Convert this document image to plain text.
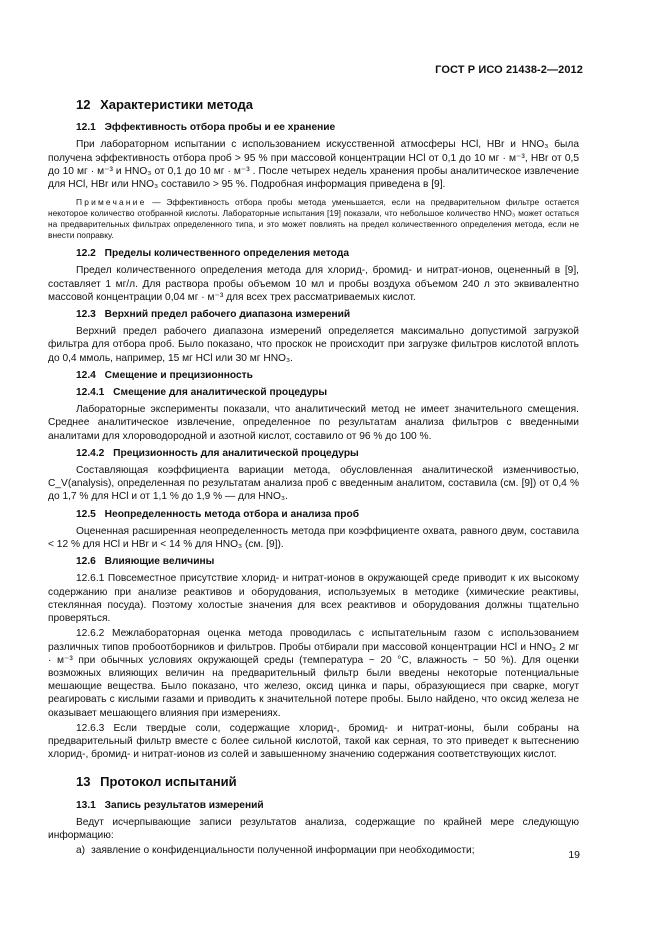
ГОСТ Р ИСО 21438-2—2012
12 Характеристики метода
12.1 Эффективность отбора пробы и ее хранение

При лабораторном испытании с использованием искусственной атмосферы HCl, HBr и HNO₃ была получена эффективность отбора проб > 95 % при массовой концентрации HCl от 0,1 до 10 мг · м⁻³, HBr от 0,5 до 10 мг · м⁻³ и HNO₃ от 0,1 до 10 мг · м⁻³ . После четырех недель хранения пробы аналитическое извлечение для HCl, HBr или HNO₃ составило > 95 %. Подробная информация приведена в [9].

Примечание — Эффективность отбора пробы метода уменьшается, если на предварительном фильтре остается некоторое количество отобранной кислоты. Лабораторные испытания [19] показали, что небольшое количество HNO₃ может остаться на предварительных фильтрах определенного типа, и это может повлиять на предел количественного определения метода, если не внести поправку.
12.2 Пределы количественного определения метода

Предел количественного определения метода для хлорид-, бромид- и нитрат-ионов, оцененный в [9], составляет 1 мг/л. Для раствора пробы объемом 10 мл и пробы воздуха объемом 240 л это эквивалентно массовой концентрации 0,04 мг · м⁻³ для всех трех рассматриваемых кислот.

12.3 Верхний предел рабочего диапазона измерений

Верхний предел рабочего диапазона измерений определяется максимально допустимой загрузкой фильтра для отбора проб. Было показано, что проскок не происходит при загрузке фильтров кислотой вплоть до 0,4 ммоль, например, 15 мг HCl или 30 мг HNO₃.

12.4 Смещение и прецизионность
12.4.1 Смещение для аналитической процедуры

Лабораторные эксперименты показали, что аналитический метод не имеет значительного смещения. Среднее аналитическое извлечение, определенное по результатам анализа фильтров с введенными аналитами для хлороводородной и азотной кислот, составило от 96 % до 100 %.

12.4.2 Прецизионность для аналитической процедуры

Составляющая коэффициента вариации метода, обусловленная аналитической изменчивостью, C_V(analysis), определенная по результатам анализа проб с введенным аналитом, составила (см. [9]) от 0,4 % до 1,7 % для HCl и от 1,1 % до 1,9 % — для HNO₃.

12.5 Неопределенность метода отбора и анализа проб

Оцененная расширенная неопределенность метода при коэффициенте охвата, равного двум, составила < 12 % для HCl и HBr и < 14 % для HNO₃ (см. [9]).

12.6 Влияющие величины

12.6.1 Повсеместное присутствие хлорид- и нитрат-ионов в окружающей среде приводит к их высокому содержанию при анализе реактивов и оборудования, используемых в методике (химические реактивы, стеклянная посуда). Поэтому холостые значения для всех реактивов и оборудования должны тщательно проверяться.

12.6.2 Межлабораторная оценка метода проводилась с испытательным газом с использованием различных типов пробоотборников и фильтров. Пробы отбирали при массовой концентрации HCl и HNO₃ 2 мг · м⁻³ при обычных условиях окружающей среды (температура ~ 20 °С, влажность ~ 50 %). Для оценки возможных влияющих величин на предварительный фильтр были введены некоторые потенциальные мешающие вещества. Было показано, что железо, оксид цинка и пары, образующиеся при сварке, могут реагировать с кислыми газами и приводить к значительной потере пробы. Было найдено, что оксид железа не оказывает мешающего влияния при измерениях.

12.6.3 Если твердые соли, содержащие хлорид-, бромид- и нитрат-ионы, были собраны на предварительный фильтр вместе с более сильной кислотой, такой как серная, то это приведет к вытеснению хлорид-, бромид- и нитрат-ионов из солей и завышенному значению содержания соответствующих кислот.

13 Протокол испытаний
13.1 Запись результатов измерений

Ведут исчерпывающие записи результатов анализа, содержащие по крайней мере следующую информацию:

а) заявление о конфиденциальности полученной информации при необходимости;	19
